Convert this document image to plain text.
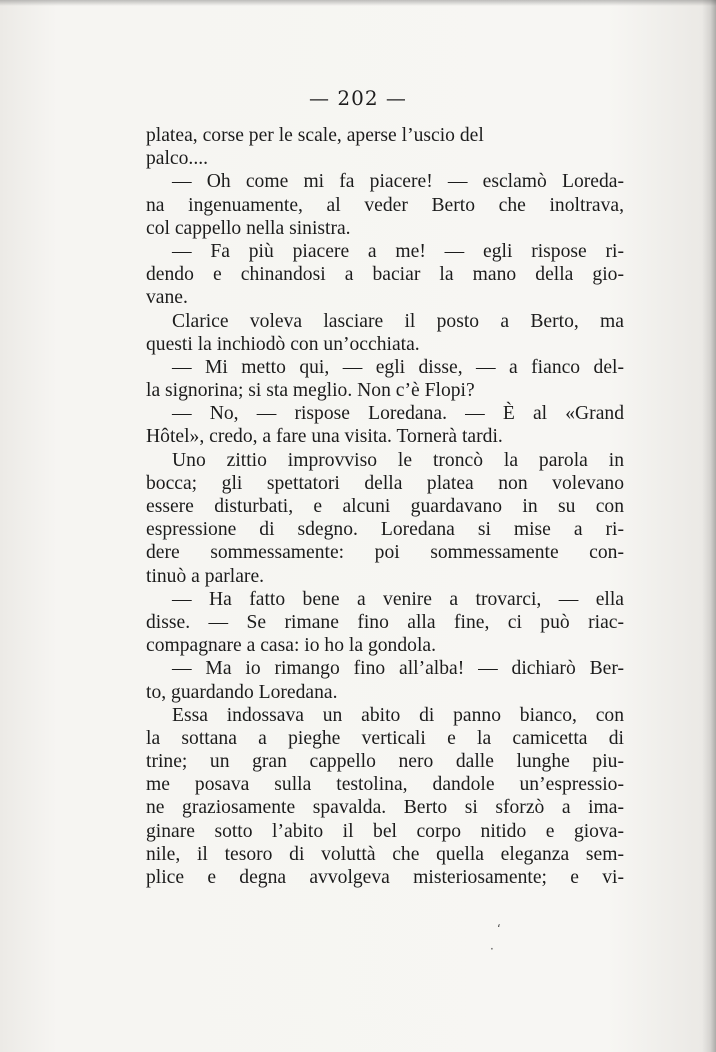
— 202 —
platea, corse per le scale, aperse l’uscio del
palco....
— Oh come mi fa piacere! — esclamò Loreda-
na ingenuamente, al veder Berto che inoltrava,
col cappello nella sinistra.
— Fa più piacere a me! — egli rispose ri-
dendo e chinandosi a baciar la mano della gio-
vane.
Clarice voleva lasciare il posto a Berto, ma
questi la inchiodò con un’occhiata.
— Mi metto qui, — egli disse, — a fianco del-
la signorina; si sta meglio. Non c’è Flopi?
— No, — rispose Loredana. — È al «Grand
Hôtel», credo, a fare una visita. Tornerà tardi.
Uno zittio improvviso le troncò la parola in
bocca; gli spettatori della platea non volevano
essere disturbati, e alcuni guardavano in su con
espressione di sdegno. Loredana si mise a ri-
dere sommessamente: poi sommessamente con-
tinuò a parlare.
— Ha fatto bene a venire a trovarci, — ella
disse. — Se rimane fino alla fine, ci può riac-
compagnare a casa: io ho la gondola.
— Ma io rimango fino all’alba! — dichiarò Ber-
to, guardando Loredana.
Essa indossava un abito di panno bianco, con
la sottana a pieghe verticali e la camicetta di
trine; un gran cappello nero dalle lunghe piu-
me posava sulla testolina, dandole un’espressio-
ne graziosamente spavalda. Berto si sforzò a ima-
ginare sotto l’abito il bel corpo nitido e giova-
nile, il tesoro di voluttà che quella eleganza sem-
plice e degna avvolgeva misteriosamente; e vi-
‘
·
